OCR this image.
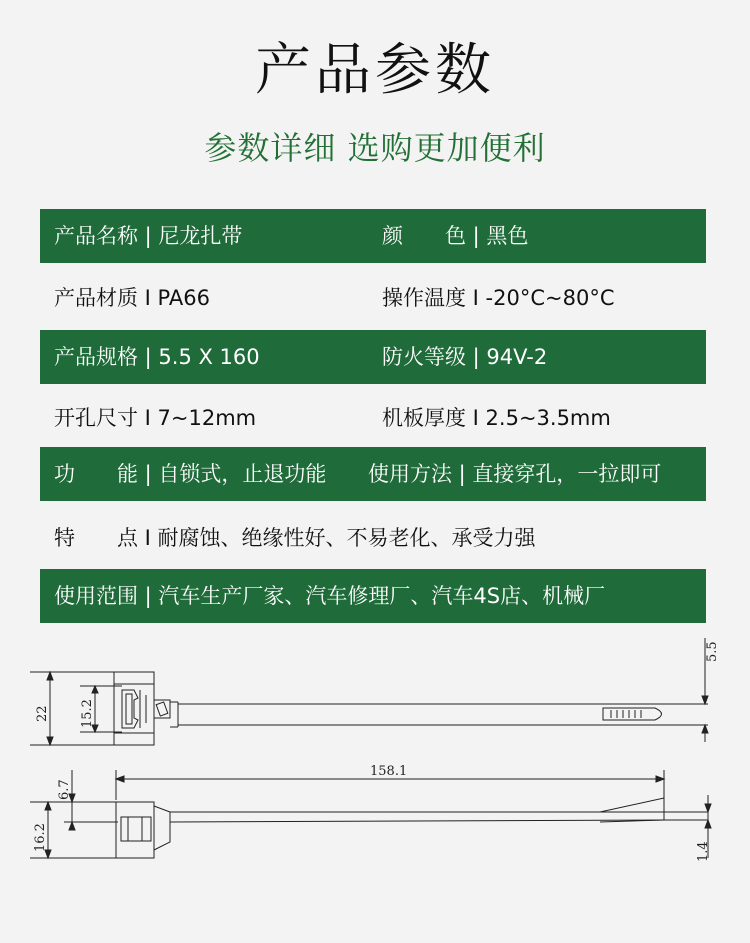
产品参数
参数详细 选购更加便利
产品名称 | 尼龙扎带	颜　　色 | 黑色
产品材质 I PA66	操作温度 I -20°C~80°C
产品规格 | 5.5 X 160	防火等级 | 94V-2
开孔尺寸 I 7~12mm	机板厚度 I 2.5~3.5mm
功　　能 | 自锁式，止退功能 使用方法 | 直接穿孔，一拉即可
特　　点 I 耐腐蚀、绝缘性好、不易老化、承受力强
使用范围 | 汽车生产厂家、汽车修理厂、汽车4S店、机械厂
22 15.2
5.5
158.1
6.7
16.2	1.4
